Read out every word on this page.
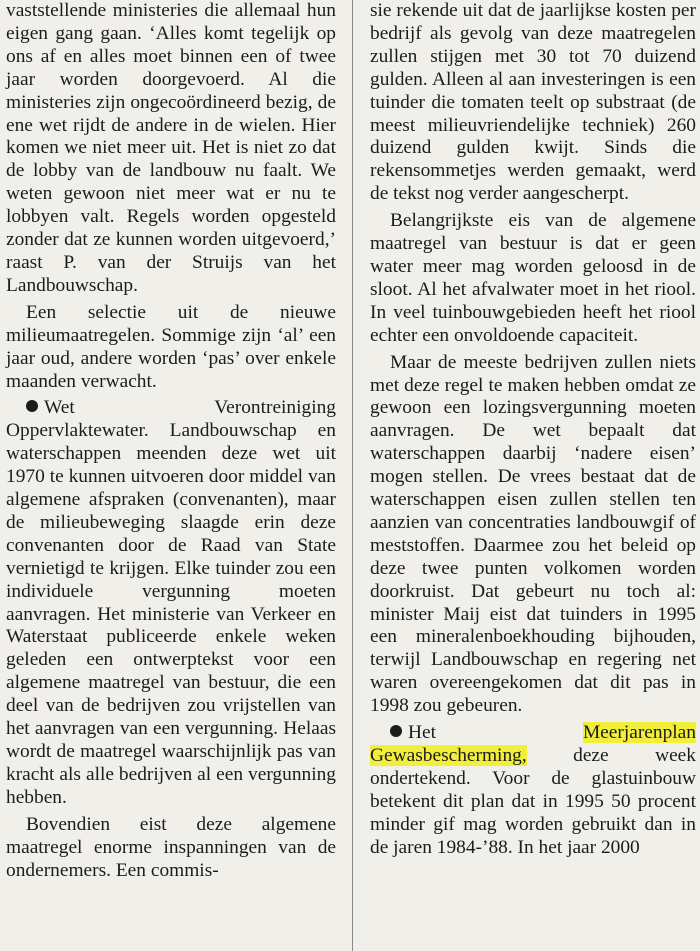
vaststellende ministeries die allemaal hun eigen gang gaan. ‘Alles komt tegelijk op ons af en alles moet binnen een of twee jaar worden doorgevoerd. Al die ministeries zijn ongecoördineerd bezig, de ene wet rijdt de andere in de wielen. Hier komen we niet meer uit. Het is niet zo dat de lobby van de landbouw nu faalt. We weten gewoon niet meer wat er nu te lobbyen valt. Regels worden opgesteld zonder dat ze kunnen worden uitgevoerd,’ raast P. van der Struijs van het Landbouwschap.

Een selectie uit de nieuwe milieumaatregelen. Sommige zijn ‘al’ een jaar oud, andere worden ‘pas’ over enkele maanden verwacht.

Wet Verontreiniging Oppervlaktewater. Landbouwschap en waterschappen meenden deze wet uit 1970 te kunnen uitvoeren door middel van algemene afspraken (convenanten), maar de milieubeweging slaagde erin deze convenanten door de Raad van State vernietigd te krijgen. Elke tuinder zou een individuele vergunning moeten aanvragen. Het ministerie van Verkeer en Waterstaat publiceerde enkele weken geleden een ontwerptekst voor een algemene maatregel van bestuur, die een deel van de bedrijven zou vrijstellen van het aanvragen van een vergunning. Helaas wordt de maatregel waarschijnlijk pas van kracht als alle bedrijven al een vergunning hebben.

Bovendien eist deze algemene maatregel enorme inspanningen van de ondernemers. Een commis-

sie rekende uit dat de jaarlijkse kosten per bedrijf als gevolg van deze maatregelen zullen stijgen met 30 tot 70 duizend gulden. Alleen al aan investeringen is een tuinder die tomaten teelt op substraat (de meest milieuvriendelijke techniek) 260 duizend gulden kwijt. Sinds die rekensommetjes werden gemaakt, werd de tekst nog verder aangescherpt.

Belangrijkste eis van de algemene maatregel van bestuur is dat er geen water meer mag worden geloosd in de sloot. Al het afvalwater moet in het riool. In veel tuinbouwgebieden heeft het riool echter een onvoldoende capaciteit.

Maar de meeste bedrijven zullen niets met deze regel te maken hebben omdat ze gewoon een lozingsvergunning moeten aanvragen. De wet bepaalt dat waterschappen daarbij ‘nadere eisen’ mogen stellen. De vrees bestaat dat de waterschappen eisen zullen stellen ten aanzien van concentraties landbouwgif of meststoffen. Daarmee zou het beleid op deze twee punten volkomen worden doorkruist. Dat gebeurt nu toch al: minister Maij eist dat tuinders in 1995 een mineralenboekhouding bijhouden, terwijl Landbouwschap en regering net waren overeengekomen dat dit pas in 1998 zou gebeuren.

Het	Meerjarenplan Gewasbescherming, deze week ondertekend. Voor de glastuinbouw betekent dit plan dat in 1995 50 procent minder gif mag worden gebruikt dan in de jaren 1984-’88. In het jaar 2000
